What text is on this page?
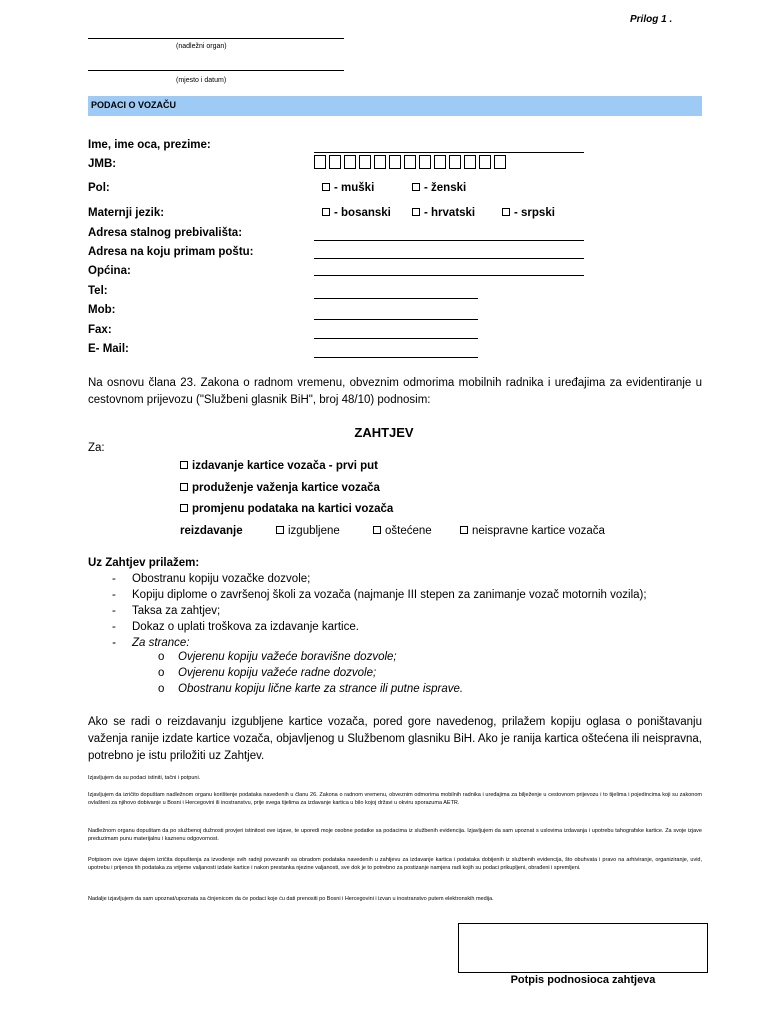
Prilog 1 .
(nadležni organ)
(mjesto i datum)
PODACI O VOZAČU
Ime, ime oca, prezime:
JMB:
Pol:	- muški	- ženski
Maternji jezik:	- bosanski	- hrvatski	- srpski
Adresa stalnog prebivališta:
Adresa na koju primam poštu:
Općina:
Tel:
Mob:
Fax:
E- Mail:
Na osnovu člana 23. Zakona o radnom vremenu, obveznim odmorima mobilnih radnika i uređajima za evidentiranje u cestovnom prijevozu ("Službeni glasnik BiH", broj 48/10) podnosim:
ZAHTJEV
Za:
izdavanje kartice vozača - prvi put
produženje važenja kartice vozača
promjenu podataka na kartici vozača
reizdavanje	izgubljene	oštećene	neispravne kartice vozača
Uz Zahtjev prilažem:
- Obostranu kopiju vozačke dozvole;
- Kopiju diplome o završenoj školi za vozača (najmanje III stepen za zanimanje vozač motornih vozila);
- Taksa za zahtjev;
- Dokaz o uplati troškova za izdavanje kartice.
- Za strance:
o Ovjerenu kopiju važeće boravišne dozvole;
o Ovjerenu kopiju važeće radne dozvole;
o Obostranu kopiju lične karte za strance ili putne isprave.
Ako se radi o reizdavanju izgubljene kartice vozača, pored gore navedenog, prilažem kopiju oglasa o poništavanju važenja ranije izdate kartice vozača, objavljenog u Službenom glasniku BiH. Ako je ranija kartica oštećena ili neispravna, potrebno je istu priložiti uz Zahtjev.
Izjavljujem da su podaci istiniti, tačni i potpuni.
Izjavljujem da izričito dopuštam nadležnom organu korištenje podataka navedenih u članu 26. Zakona o radnom vremenu, obveznim odmorima mobilnih radnika i uređajima za bilježenje u cestovnom prijevozu i to tijelima i pojedincima koji su zakonom ovlašteni za njihovo dobivanje u Bosni i Hercegovini ili inostranstvu, prije svega tijelima za izdavanje kartica u bilo kojoj državi u okviru sporazuma AETR.
Nadležnom organu dopuštam da po službenoj dužnosti provjeri istinitost ove izjave, te uporedi moje osobne podatke sa podacima iz službenih evidencija. Izjavljujem da sam upoznat s uslovima izdavanja i upotrebu tahografske kartice. Za svoje izjave preduzimam punu materijalnu i kaznenu odgovornost.
Potpisom ove izjave dajem izričita dopuštenja za izvođenje svih radnji povezanih sa obradom podataka navedenih u zahtjevu za izdavanje kartica i podataka dobijenih iz službenih evidencija, što obuhvata i pravo na arhiviranje, organiziranje, uvid, upotrebu i prijenos tih podataka za vrijeme valjanosti izdate kartice i nakon prestanka njezine valjanosti, sve dok je to potrebno za postizanje namjera radi kojih su podaci prikupljeni, obrađeni i spremljeni.
Nadalje izjavljujem da sam upoznat/upoznata sa činjenicom da će podaci koje ću dati prenositi po Bosni i Hercegovini i izvan u inostranstvo putem elektronskih medija.
Potpis podnosioca zahtjeva
